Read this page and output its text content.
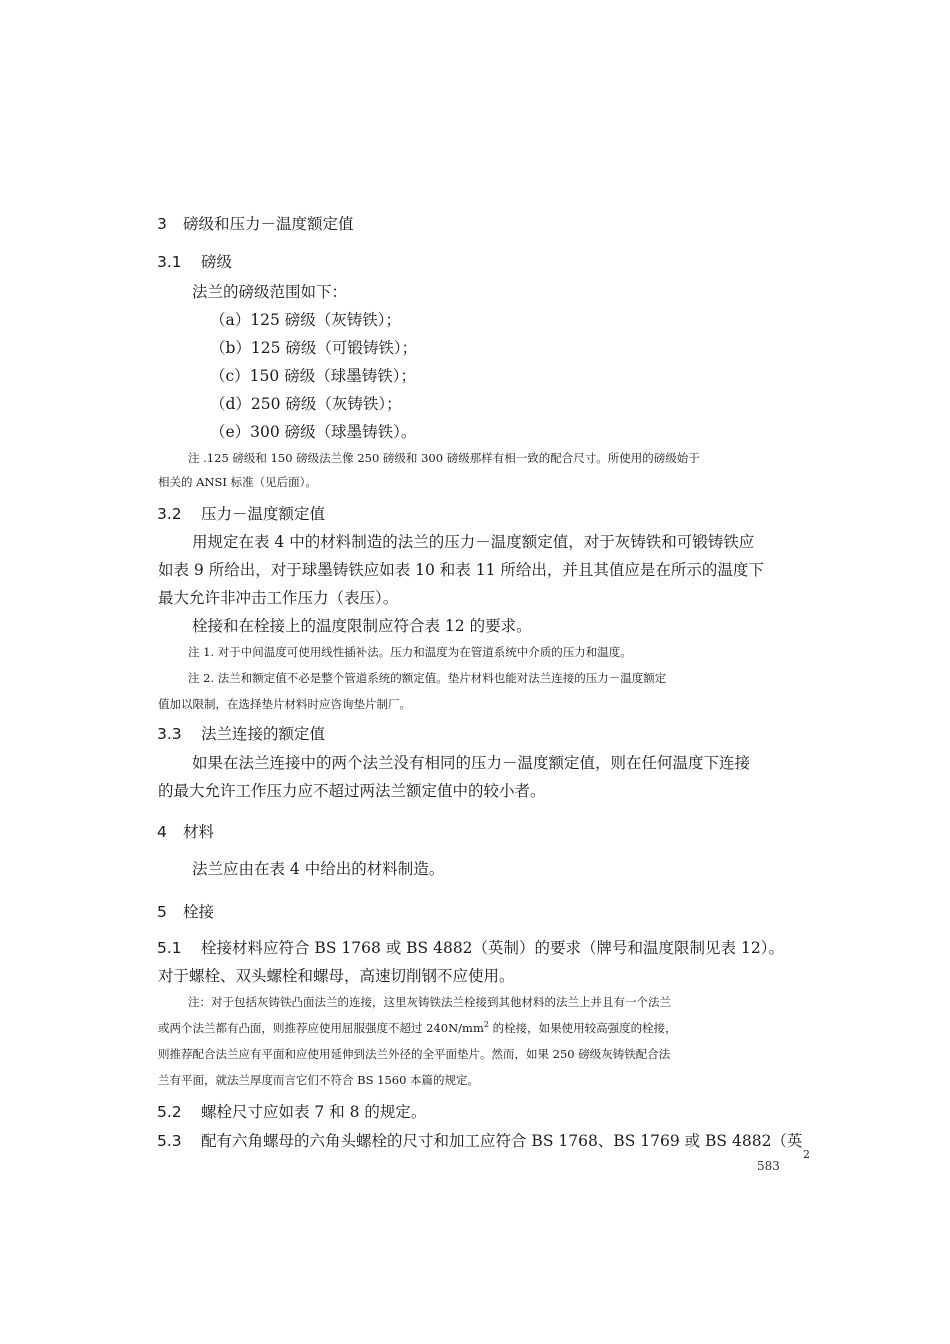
3 磅级和压力－温度额定值
3.1 磅级
法兰的磅级范围如下：
（a）125 磅级（灰铸铁）；
（b）125 磅级（可锻铸铁）；
（c）150 磅级（球墨铸铁）；
（d）250 磅级（灰铸铁）；
（e）300 磅级（球墨铸铁）。
注 .125 磅级和 150 磅级法兰像 250 磅级和 300 磅级那样有相一致的配合尺寸。所使用的磅级始于
相关的 ANSI 标准（见后面）。
3.2 压力－温度额定值
用规定在表 4 中的材料制造的法兰的压力－温度额定值，对于灰铸铁和可锻铸铁应
如表 9 所给出，对于球墨铸铁应如表 10 和表 11 所给出，并且其值应是在所示的温度下
最大允许非冲击工作压力（表压）。
栓接和在栓接上的温度限制应符合表 12 的要求。
注 1. 对于中间温度可使用线性插补法。压力和温度为在管道系统中介质的压力和温度。
注 2. 法兰和额定值不必是整个管道系统的额定值。垫片材料也能对法兰连接的压力－温度额定
值加以限制，在选择垫片材料时应咨询垫片制厂。
3.3 法兰连接的额定值
如果在法兰连接中的两个法兰没有相同的压力－温度额定值，则在任何温度下连接
的最大允许工作压力应不超过两法兰额定值中的较小者。
4 材料
法兰应由在表 4 中给出的材料制造。
5 栓接
5.1 栓接材料应符合 BS 1768 或 BS 4882（英制）的要求（牌号和温度限制见表 12）。
对于螺栓、双头螺栓和螺母，高速切削钢不应使用。
注：对于包括灰铸铁凸面法兰的连接，这里灰铸铁法兰栓接到其他材料的法兰上并且有一个法兰
或两个法兰都有凸面，则推荐应使用屈服强度不超过 $240N/mm^2$ 的栓接，如果使用较高强度的栓接，
则推荐配合法兰应有平面和应使用延伸到法兰外径的全平面垫片。然而，如果 250 磅级灰铸铁配合法
兰有平面，就法兰厚度而言它们不符合 BS 1560 本篇的规定。
5.2 螺栓尺寸应如表 7 和 8 的规定。
5.3 配有六角螺母的六角头螺栓的尺寸和加工应符合 BS 1768、BS 1769 或 BS 4882（英
2
583
